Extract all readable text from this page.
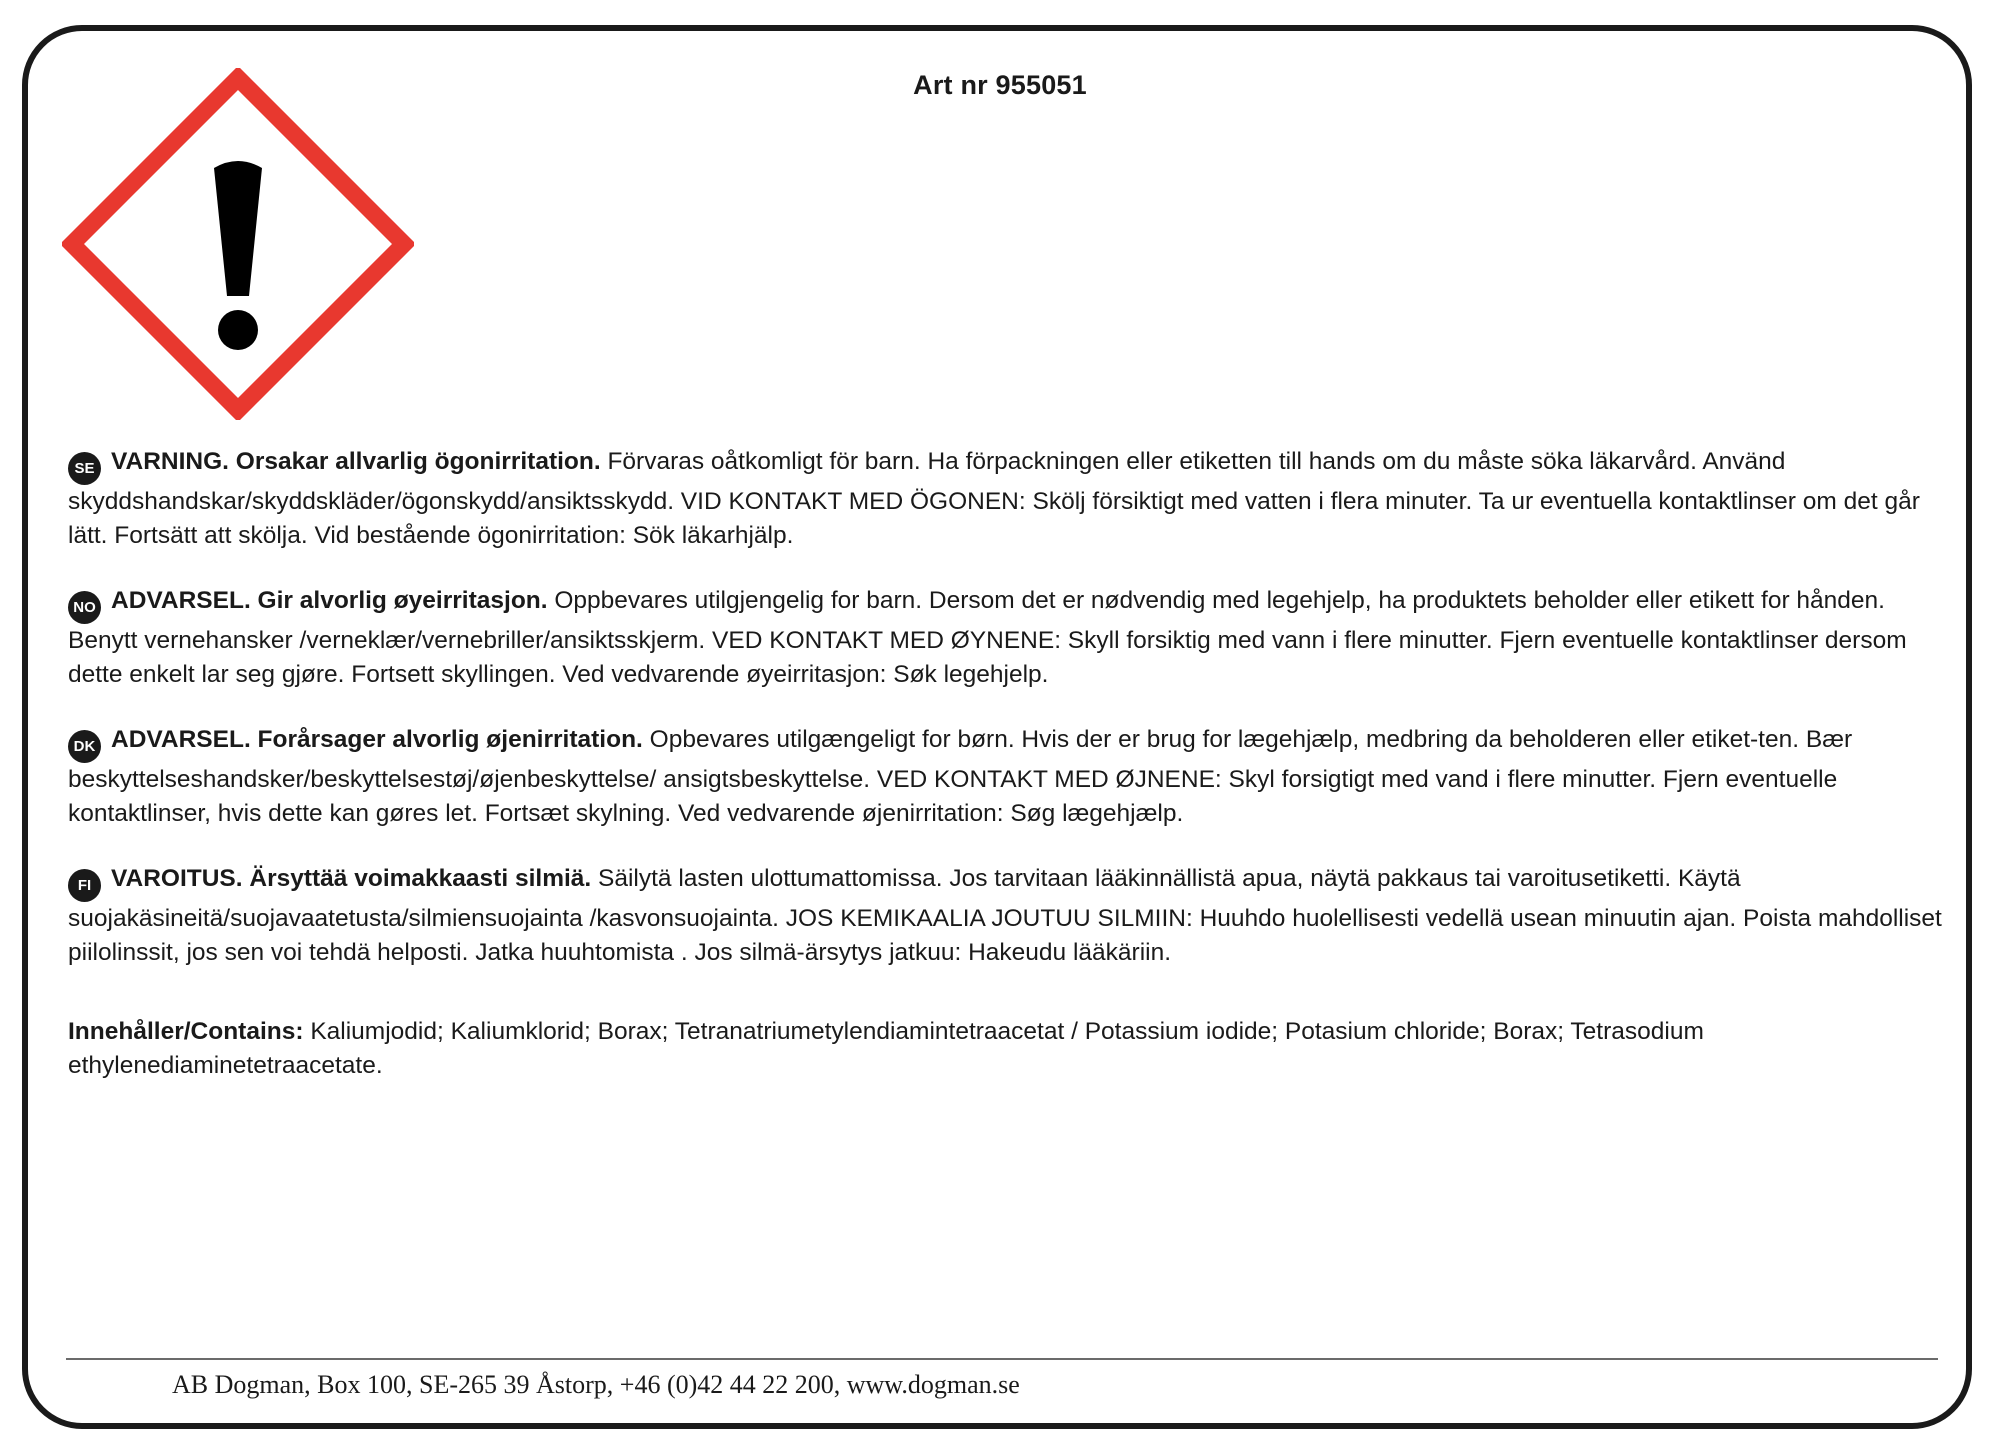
Art nr 955051

SE VARNING. Orsakar allvarlig ögonirritation. Förvaras oåtkomligt för barn. Ha förpackningen eller etiketten till hands om du måste söka läkarvård. Använd skyddshandskar/skyddskläder/ögonskydd/ansiktsskydd. VID KONTAKT MED ÖGONEN: Skölj försiktigt med vatten i flera minuter. Ta ur eventuella kontaktlinser om det går lätt. Fortsätt att skölja. Vid bestående ögonirritation: Sök läkarhjälp.

NO ADVARSEL. Gir alvorlig øyeirritasjon. Oppbevares utilgjengelig for barn. Dersom det er nødvendig med legehjelp, ha produktets beholder eller etikett for hånden. Benytt vernehansker /verneklær/vernebriller/ansiktsskjerm. VED KONTAKT MED ØYNENE: Skyll forsiktig med vann i flere minutter. Fjern eventuelle kontaktlinser dersom dette enkelt lar seg gjøre. Fortsett skyllingen. Ved vedvarende øyeirritasjon: Søk legehjelp.

DK ADVARSEL. Forårsager alvorlig øjenirritation. Opbevares utilgængeligt for børn. Hvis der er brug for lægehjælp, medbring da beholderen eller etiket-ten. Bær beskyttelseshandsker/beskyttelsestøj/øjenbeskyttelse/ ansigtsbeskyttelse. VED KONTAKT MED ØJNENE: Skyl forsigtigt med vand i flere minutter. Fjern eventuelle kontaktlinser, hvis dette kan gøres let. Fortsæt skylning. Ved vedvarende øjenirritation: Søg lægehjælp.

FI VAROITUS. Ärsyttää voimakkaasti silmiä. Säilytä lasten ulottumattomissa. Jos tarvitaan lääkinnällistä apua, näytä pakkaus tai varoitusetiketti. Käytä suojakäsineitä/suojavaatetusta/silmiensuojainta /kasvonsuojainta. JOS KEMIKAALIA JOUTUU SILMIIN: Huuhdo huolellisesti vedellä usean minuutin ajan. Poista mahdolliset piilolinssit, jos sen voi tehdä helposti. Jatka huuhtomista . Jos silmä-ärsytys jatkuu: Hakeudu lääkäriin.

Innehåller/Contains: Kaliumjodid; Kaliumklorid; Borax; Tetranatriumetylendiamintetraacetat / Potassium iodide; Potasium chloride; Borax; Tetrasodium ethylenediaminetetraacetate.

AB Dogman, Box 100, SE-265 39 Åstorp, +46 (0)42 44 22 200, www.dogman.se
